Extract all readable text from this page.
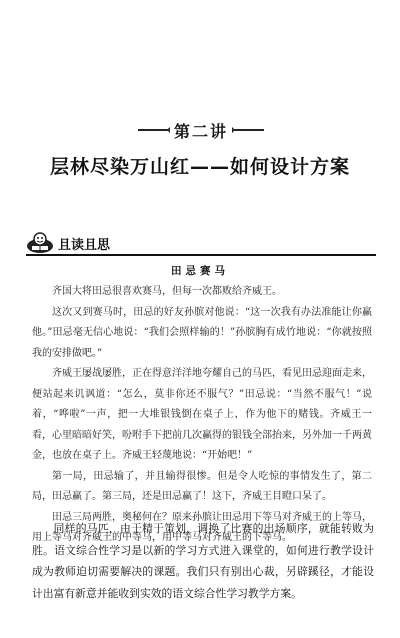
第二讲
层林尽染万山红——如何设计方案
且读且思
田忌赛马

齐国大将田忌很喜欢赛马，但每一次都败给齐威王。

这次又到赛马时，田忌的好友孙膑对他说：“这一次我有办法准能让你赢他。”田忌毫无信心地说：“我们会照样输的！”孙膑胸有成竹地说：“你就按照我的安排做吧。”

齐威王屡战屡胜，正在得意洋洋地夸耀自己的马匹，看见田忌迎面走来，便站起来讥讽道：“怎么，莫非你还不服气？”田忌说：“当然不服气！”说着，“哗啦”一声，把一大堆银钱倒在桌子上，作为他下的赌钱。齐威王一看，心里暗暗好笑，吩咐手下把前几次赢得的银钱全部抬来，另外加一千两黄金，也放在桌子上。齐威王轻蔑地说：“开始吧！”

第一局，田忌输了，并且输得很惨。但是令人吃惊的事情发生了，第二局，田忌赢了。第三局，还是田忌赢了！这下，齐威王目瞪口呆了。

田忌三局两胜，奥秘何在？原来孙膑让田忌用下等马对齐威王的上等马，用上等马对齐威王的中等马，用中等马对齐威王的下等马。

同样的马匹，由于精于策划，调换了比赛的出场顺序，就能转败为胜。语文综合性学习是以新的学习方式进入课堂的，如何进行教学设计成为教师迫切需要解决的课题。我们只有别出心裁，另辟蹊径，才能设计出富有新意并能收到实效的语文综合性学习教学方案。
